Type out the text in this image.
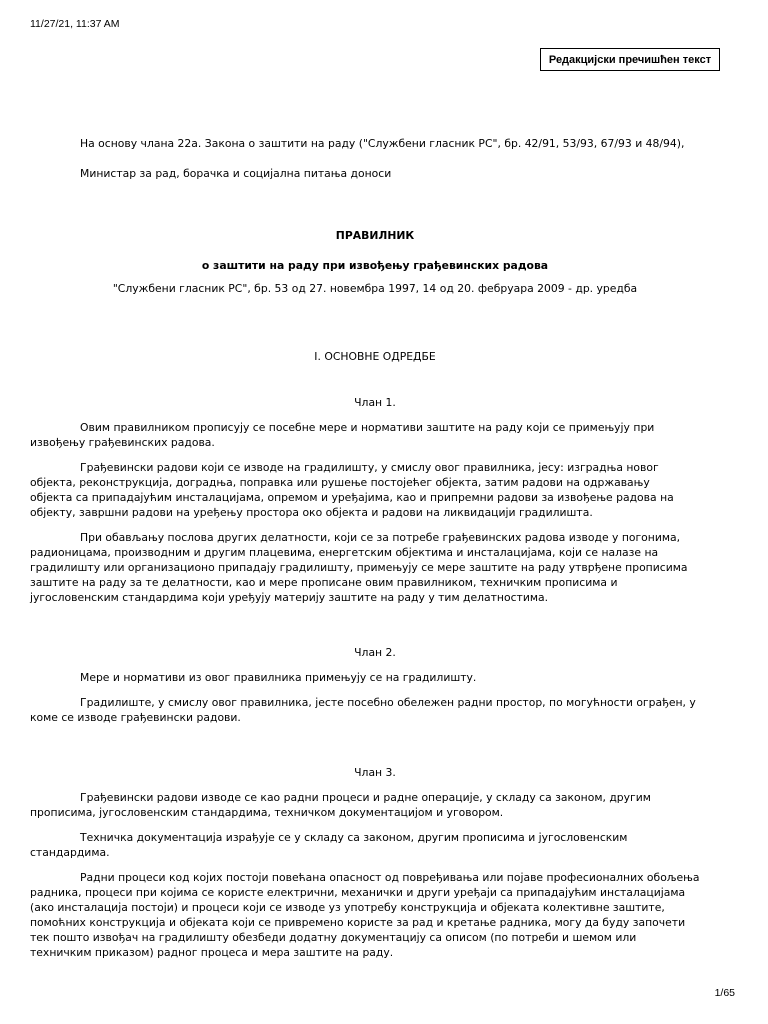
11/27/21, 11:37 AM
Редакцијски пречишћен текст

На основу члана 22а. Закона о заштити на раду ("Службени гласник РС", бр. 42/91, 53/93, 67/93 и 48/94),

Министар за рад, борачка и социјална питања доноси

ПРАВИЛНИК

о заштити на раду при извођењу грађевинских радова

"Службени гласник РС", бр. 53 од 27. новембра 1997, 14 од 20. фебруара 2009 - др. уредба

I. ОСНОВНЕ ОДРЕДБЕ

Члан 1.

Овим правилником прописују се посебне мере и нормативи заштите на раду који се примењују при

извођењу грађевинских радова.

Грађевински радови који се изводе на градилишту, у смислу овог правилника, јесу: изградња новог

објекта, реконструкција, доградња, поправка или рушење постојећег објекта, затим радови на одржавању

објекта са припадајућим инсталацијама, опремом и уређајима, као и припремни радови за извођење радова на

објекту, завршни радови на уређењу простора око објекта и радови на ликвидацији градилишта.

При обављању послова других делатности, који се за потребе грађевинских радова изводе у погонима,

радионицама, производним и другим плацевима, енергетским објектима и инсталацијама, који се налазе на

градилишту или организационо припадају градилишту, примењују се мере заштите на раду утврђене прописима

заштите на раду за те делатности, као и мере прописане овим правилником, техничким прописима и

југословенским стандардима који уређују материју заштите на раду у тим делатностима.

Члан 2.

Мере и нормативи из овог правилника примењују се на градилишту.

Градилиште, у смислу овог правилника, јесте посебно обележен радни простор, по могућности ограђен, у

коме се изводе грађевински радови.

Члан 3.

Грађевински радови изводе се као радни процеси и радне операције, у складу са законом, другим

прописима, југословенским стандардима, техничком документацијом и уговором.

Техничка документација израђује се у складу са законом, другим прописима и југословенским

стандардима.

Радни процеси код којих постоји повећана опасност од повређивања или појаве професионалних обољења

радника, процеси при којима се користе електрични, механички и други уређаји са припадајућим инсталацијама

(ако инсталација постоји) и процеси који се изводе уз употребу конструкција и објеката колективне заштите,

помоћних конструкција и објеката који се привремено користе за рад и кретање радника, могу да буду започети

тек пошто извођач на градилишту обезбеди додатну документацију са описом (по потреби и шемом или

техничким приказом) радног процеса и мера заштите на раду.

1/65
